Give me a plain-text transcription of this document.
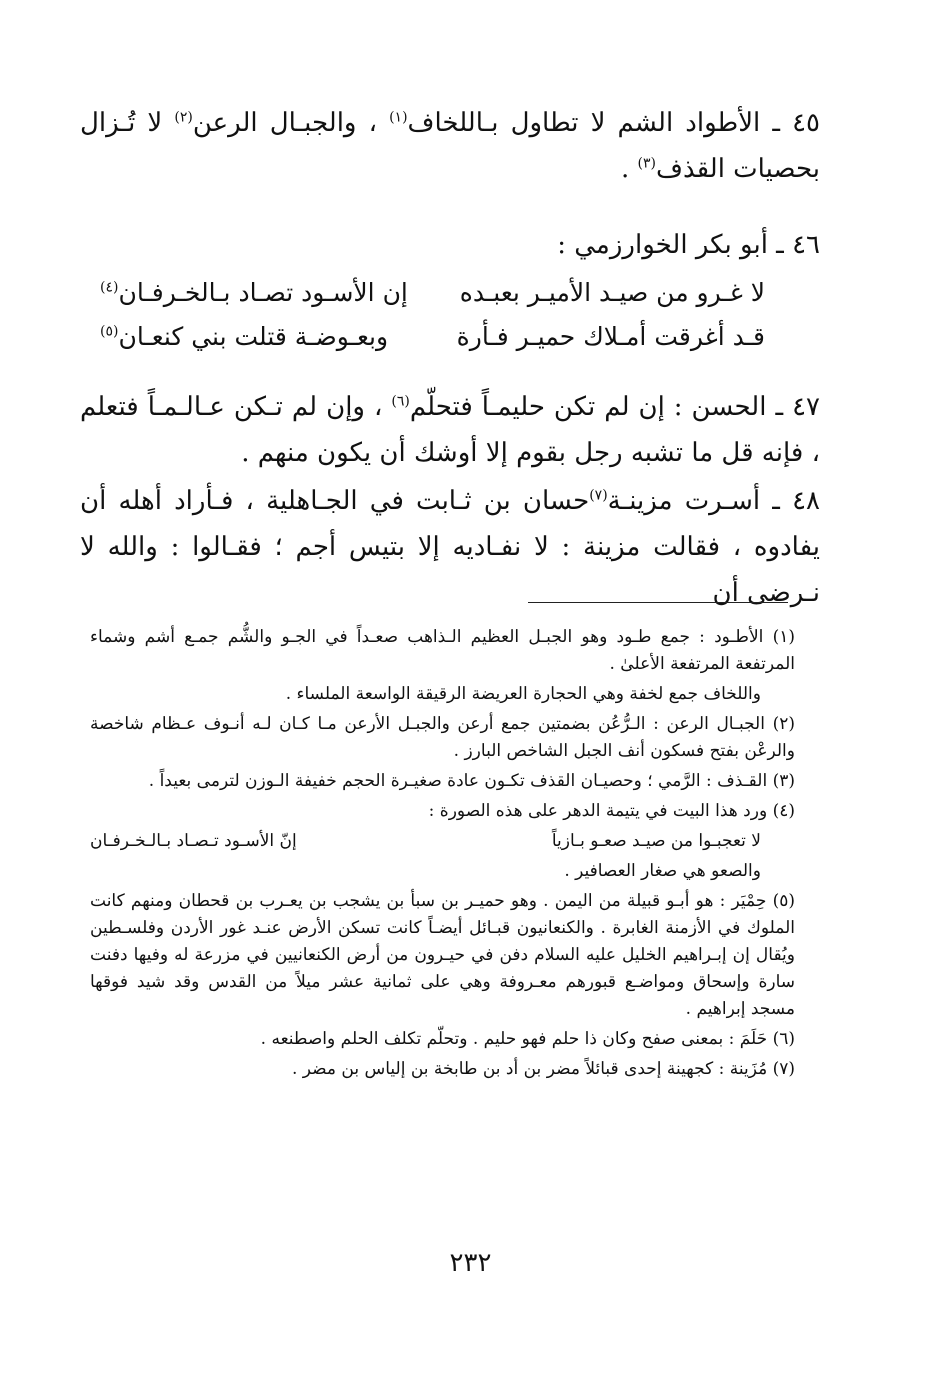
٤٥ ـ الأطواد الشم لا تطاول بـاللخاف$^{(١)}$ ، والجبـال الرعن$^{(٢)}$ لا تُـزال بحصيات القذف$^{(٣)}$ .

٤٦ ـ أبو بكر الخوارزمي :
لا غـرو من صيـد الأميـر بعبـده
إن الأسـود تصـاد بـالخـرفـان$^{(٤)}$
قـد أغرقت أمـلاك حميـر فـأرة
وبعـوضـة قتلت بني كنعـان$^{(٥)}$

٤٧ ـ الحسن : إن لم تكن حليمـاً فتحلّم$^{(٦)}$ ، وإن لم تـكن عـالـمـاً فتعلم ، فإنه قل ما تشبه رجل بقوم إلا أوشك أن يكون منهم .

٤٨ ـ أسـرت مزينـة$^{(٧)}$حسان بن ثـابت في الجـاهلية ، فـأراد أهله أن يفادوه ، فقالت مزينة : لا نفـاديه إلا بتيس أجم ؛ فقـالوا : والله لا نـرضى أن

(١) الأطـود : جمع طـود وهو الجبـل العظيم الـذاهب صعـداً في الجـو والشُّم جمـع أشم وشماء المرتفعة المرتفعة الأعلىٰ .

واللخاف جمع لخفة وهي الحجارة العريضة الرقيقة الواسعة الملساء .

(٢) الجبـال الرعن : الـرُّعُن بضمتين جمع أرعن والجبـل الأرعن مـا كـان لـه أنـوف عـظام شاخصة والرعْن بفتح فسكون أنف الجبل الشاخص البارز .

(٣) القـذف : الرَّمي ؛ وحصيـان القذف تكـون عادة صغيـرة الحجم خفيفة الـوزن لترمى بعيداً .

(٤) ورد هذا البيت في يتيمة الدهر على هذه الصورة :

لا تعجبـوا من صيـد صعـو بـازياً
إنّ الأسـود تـصـاد بـالـخـرفـان

والصعو هي صغار العصافير .

(٥) حِمْيَر : هو أبـو قبيلة من اليمن . وهو حميـر بن سبأ بن يشجب بن يعـرب بن قحطان ومنهم كانت الملوك في الأزمنة الغابرة . والكنعانيون قبـائل أيضـاً كانت تسكن الأرض عنـد غور الأردن وفلسـطين ويُقال إن إبـراهيم الخليل عليه السلام دفن في حيـرون من أرض الكنعانيين في مزرعة له وفيها دفنت سارة وإسحاق ومواضـع قبورهم معـروفة وهي على ثمانية عشر ميلاً من القدس وقد شيد فوقها مسجد إبراهيم .

(٦) حَلَمَ : بمعنى صفح وكان ذا حلم فهو حليم . وتحلّم تكلف الحلم واصطنعه .

(٧) مُزَينة : كجهينة إحدى قبائلاً مضر بن أد بن طابخة بن إلياس بن مضر .

٢٣٢
